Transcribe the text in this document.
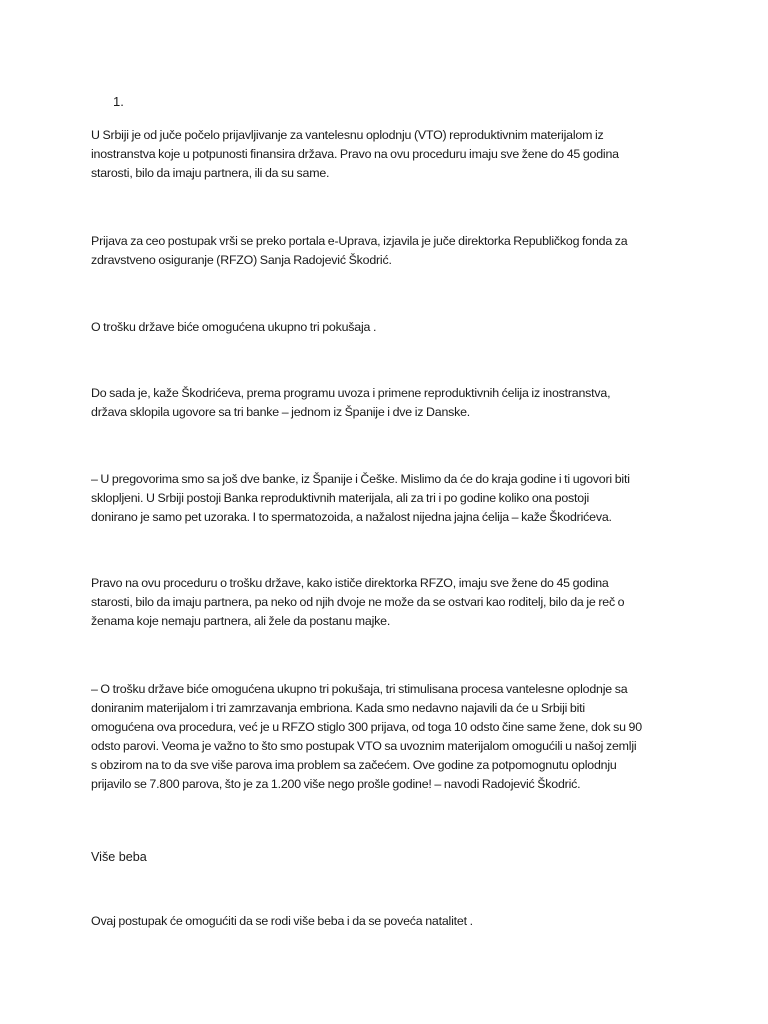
1.
U Srbiji je od juče počelo prijavljivanje za vantelesnu oplodnju (VTO) reproduktivnim materijalom iz
inostranstva koje u potpunosti finansira država. Pravo na ovu proceduru imaju sve žene do 45 godina
starosti, bilo da imaju partnera, ili da su same.
Prijava za ceo postupak vrši se preko portala e-Uprava, izjavila je juče direktorka Republičkog fonda za
zdravstveno osiguranje (RFZO) Sanja Radojević Škodrić.
O trošku države biće omogućena ukupno tri pokušaja .
Do sada je, kaže Škodrićeva, prema programu uvoza i primene reproduktivnih ćelija iz inostranstva,
država sklopila ugovore sa tri banke – jednom iz Španije i dve iz Danske.
– U pregovorima smo sa još dve banke, iz Španije i Češke. Mislimo da će do kraja godine i ti ugovori biti
sklopljeni. U Srbiji postoji Banka reproduktivnih materijala, ali za tri i po godine koliko ona postoji
donirano je samo pet uzoraka. I to spermatozoida, a nažalost nijedna jajna ćelija – kaže Škodrićeva.
Pravo na ovu proceduru o trošku države, kako ističe direktorka RFZO, imaju sve žene do 45 godina
starosti, bilo da imaju partnera, pa neko od njih dvoje ne može da se ostvari kao roditelj, bilo da je reč o
ženama koje nemaju partnera, ali žele da postanu majke.
– O trošku države biće omogućena ukupno tri pokušaja, tri stimulisana procesa vantelesne oplodnje sa
doniranim materijalom i tri zamrzavanja embriona. Kada smo nedavno najavili da će u Srbiji biti
omogućena ova procedura, već je u RFZO stiglo 300 prijava, od toga 10 odsto čine same žene, dok su 90
odsto parovi. Veoma je važno to što smo postupak VTO sa uvoznim materijalom omogućili u našoj zemlji
s obzirom na to da sve više parova ima problem sa začećem. Ove godine za potpomognutu oplodnju
prijavilo se 7.800 parova, što je za 1.200 više nego prošle godine! – navodi Radojević Škodrić.
Više beba
Ovaj postupak će omogućiti da se rodi više beba i da se poveća natalitet .
